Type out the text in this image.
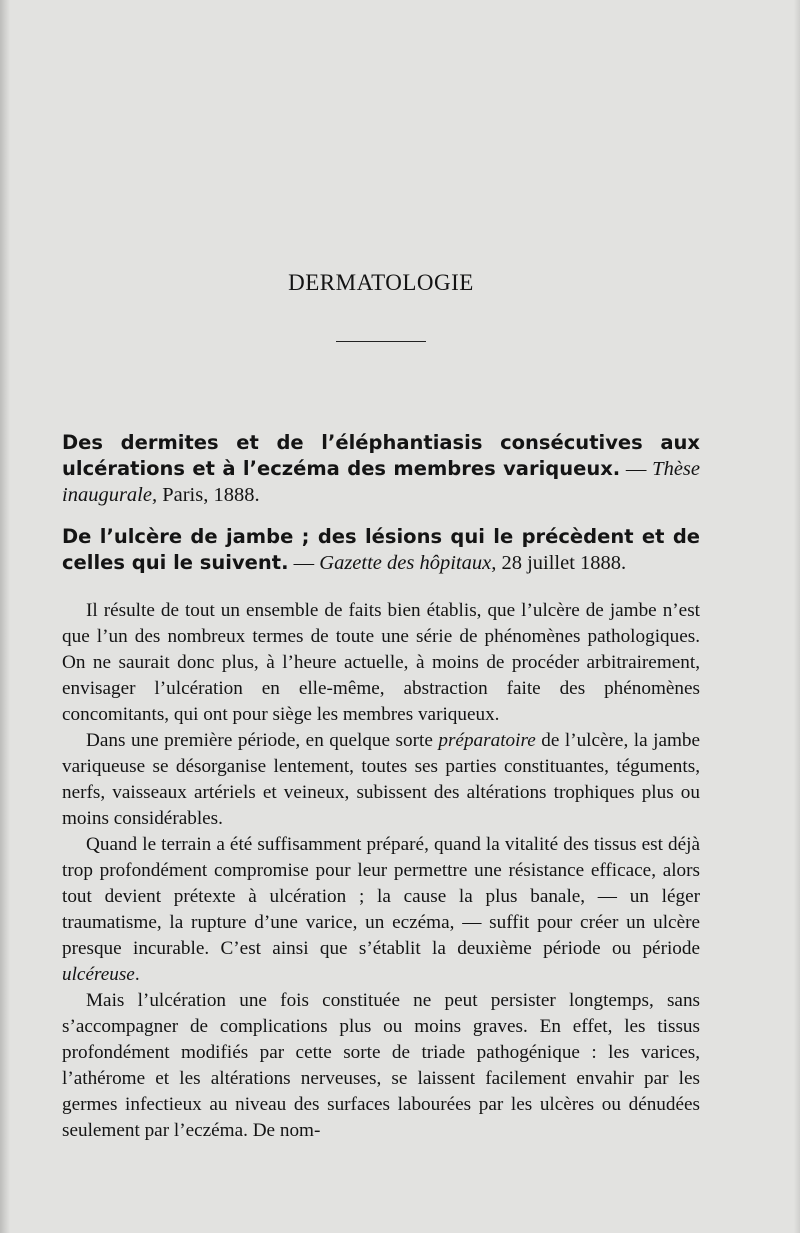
DERMATOLOGIE

Des dermites et de l’éléphantiasis consécutives aux ulcérations et à l’eczéma des membres variqueux. — Thèse inaugurale, Paris, 1888.

De l’ulcère de jambe ; des lésions qui le précèdent et de celles qui le suivent. — Gazette des hôpitaux, 28 juillet 1888.

Il résulte de tout un ensemble de faits bien établis, que l’ulcère de jambe n’est que l’un des nombreux termes de toute une série de phénomènes pathologiques. On ne saurait donc plus, à l’heure actuelle, à moins de procéder arbitrairement, envisager l’ulcération en elle-même, abstraction faite des phénomènes concomitants, qui ont pour siège les membres variqueux.

Dans une première période, en quelque sorte préparatoire de l’ulcère, la jambe variqueuse se désorganise lentement, toutes ses parties constituantes, téguments, nerfs, vaisseaux artériels et veineux, subissent des altérations trophiques plus ou moins considérables.

Quand le terrain a été suffisamment préparé, quand la vitalité des tissus est déjà trop profondément compromise pour leur permettre une résistance efficace, alors tout devient prétexte à ulcération ; la cause la plus banale, — un léger traumatisme, la rupture d’une varice, un eczéma, — suffit pour créer un ulcère presque incurable. C’est ainsi que s’établit la deuxième période ou période ulcéreuse.

Mais l’ulcération une fois constituée ne peut persister longtemps, sans s’accompagner de complications plus ou moins graves. En effet, les tissus profondément modifiés par cette sorte de triade pathogénique : les varices, l’athérome et les altérations nerveuses, se laissent facilement envahir par les germes infectieux au niveau des surfaces labourées par les ulcères ou dénudées seulement par l’eczéma. De nom-
